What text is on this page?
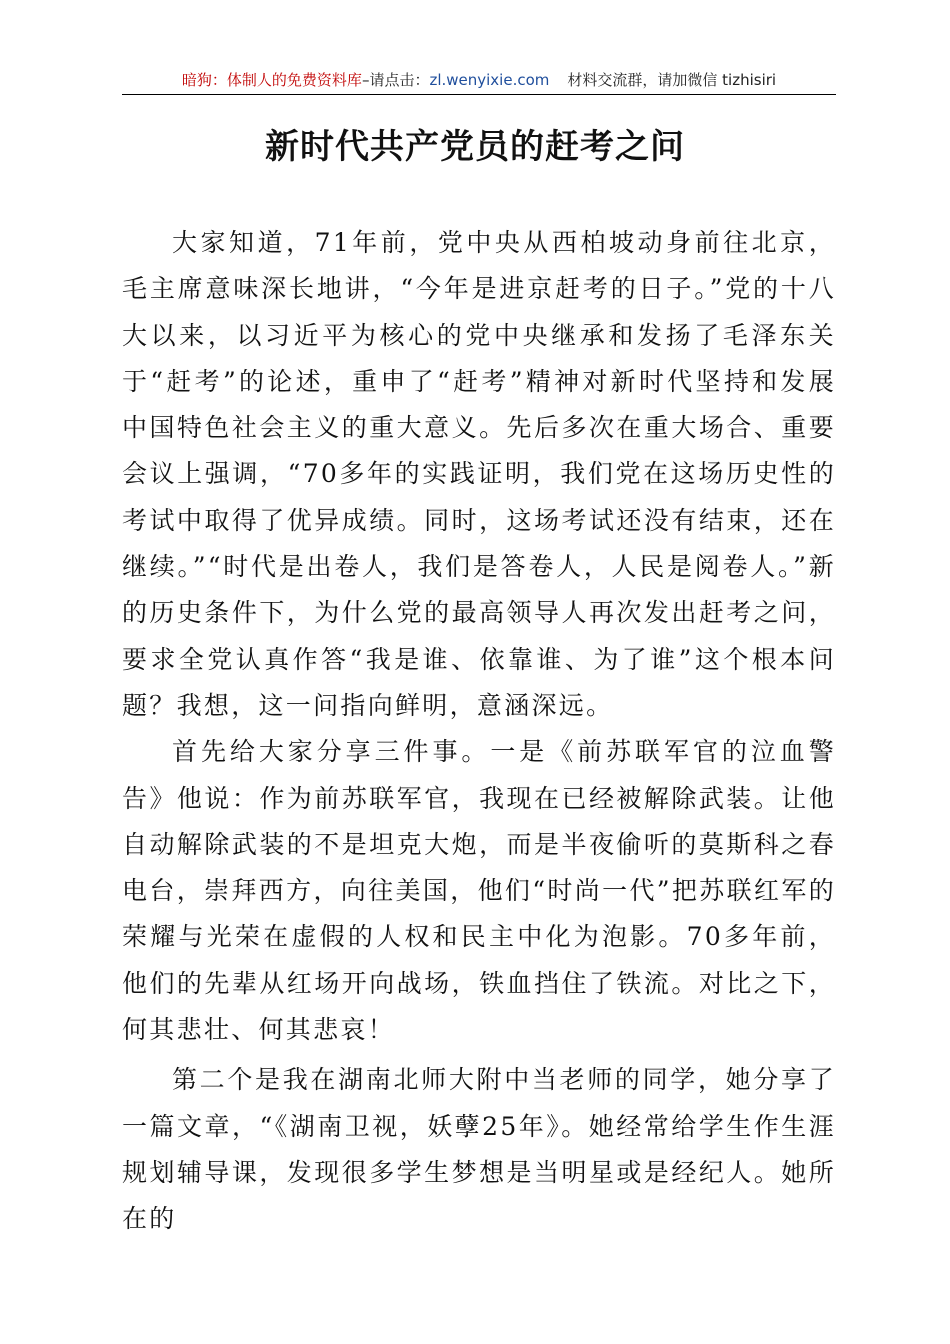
暗狗：体制人的免费资料库–请点击：zl.wenyixie.com 材料交流群，请加微信 tizhisiri
新时代共产党员的赶考之问

大家知道，71年前，党中央从西柏坡动身前往北京，毛主席意味深长地讲，“今年是进京赶考的日子。”党的十八大以来，以习近平为核心的党中央继承和发扬了毛泽东关于“赶考”的论述，重申了“赶考”精神对新时代坚持和发展中国特色社会主义的重大意义。先后多次在重大场合、重要会议上强调，“70多年的实践证明，我们党在这场历史性的考试中取得了优异成绩。同时，这场考试还没有结束，还在继续。”“时代是出卷人，我们是答卷人，人民是阅卷人。”新的历史条件下，为什么党的最高领导人再次发出赶考之问，要求全党认真作答“我是谁、依靠谁、为了谁”这个根本问题？我想，这一问指向鲜明，意涵深远。

首先给大家分享三件事。一是《前苏联军官的泣血警告》他说：作为前苏联军官，我现在已经被解除武装。让他自动解除武装的不是坦克大炮，而是半夜偷听的莫斯科之春电台，崇拜西方，向往美国，他们“时尚一代”把苏联红军的荣耀与光荣在虚假的人权和民主中化为泡影。70多年前，他们的先辈从红场开向战场，铁血挡住了铁流。对比之下，何其悲壮、何其悲哀！

第二个是我在湖南北师大附中当老师的同学，她分享了一篇文章，“《湖南卫视，妖孽25年》。她经常给学生作生涯规划辅导课，发现很多学生梦想是当明星或是经纪人。她所在的
